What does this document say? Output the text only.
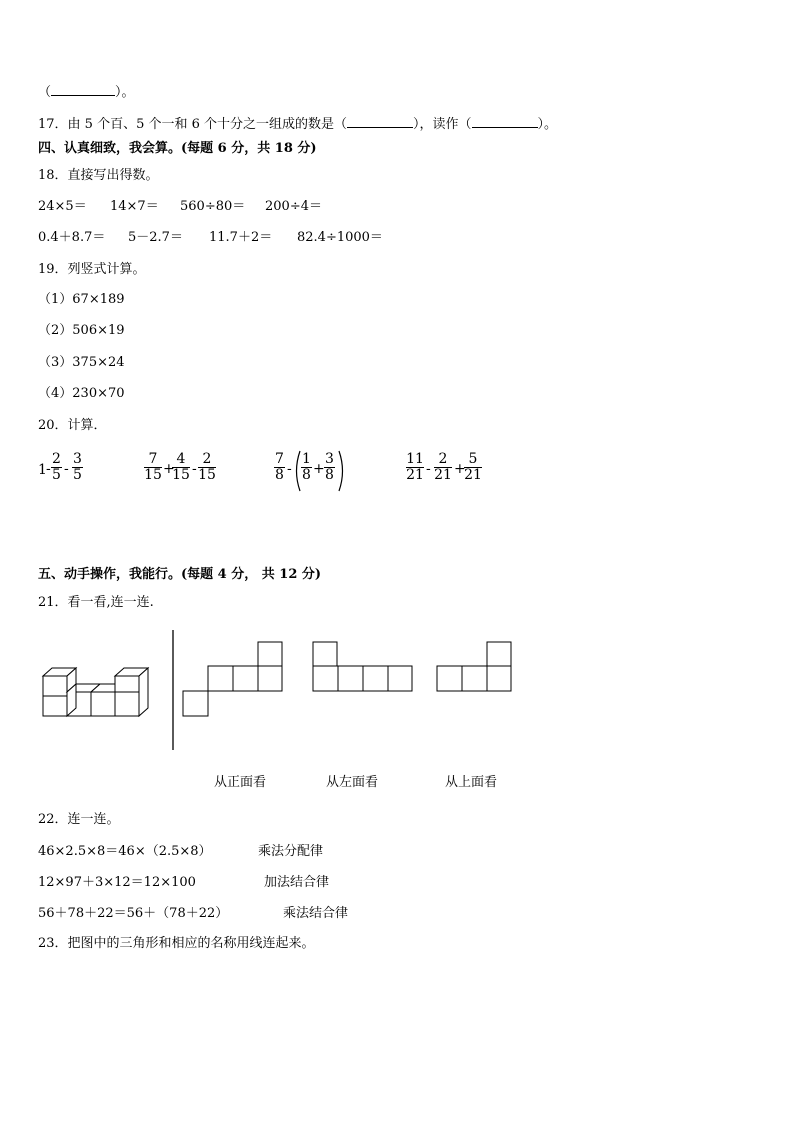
（	）。
17．由 5 个百、5 个一和 6 个十分之一组成的数是（	），读作（	）。
四、认真细致，我会算。(每题 6 分，共 18 分)
18．直接写出得数。
24×5＝ 14×7＝ 560÷80＝ 200÷4＝
0.4＋8.7＝ 5－2.7＝ 11.7＋2＝ 82.4÷1000＝
19．列竖式计算。
（1）67×189
（2）506×19
（3）375×24
（4）230×70
20．计算．
1 -
2
5 -
3
5
7
15 +
4
15 -
2
15
7
8 -
1
8 +
3
8
11
21 -
2
21 +
5
21
五、动手操作，我能行。(每题 4 分， 共 12 分)
21．看一看,连一连.
从正面看	从左面看	从上面看
22．连一连。
46×2.5×8＝46×（2.5×8）
12×97＋3×12＝12×100
56＋78＋22＝56＋（78＋22）
乘法分配律
加法结合律
乘法结合律
23．把图中的三角形和相应的名称用线连起来。
